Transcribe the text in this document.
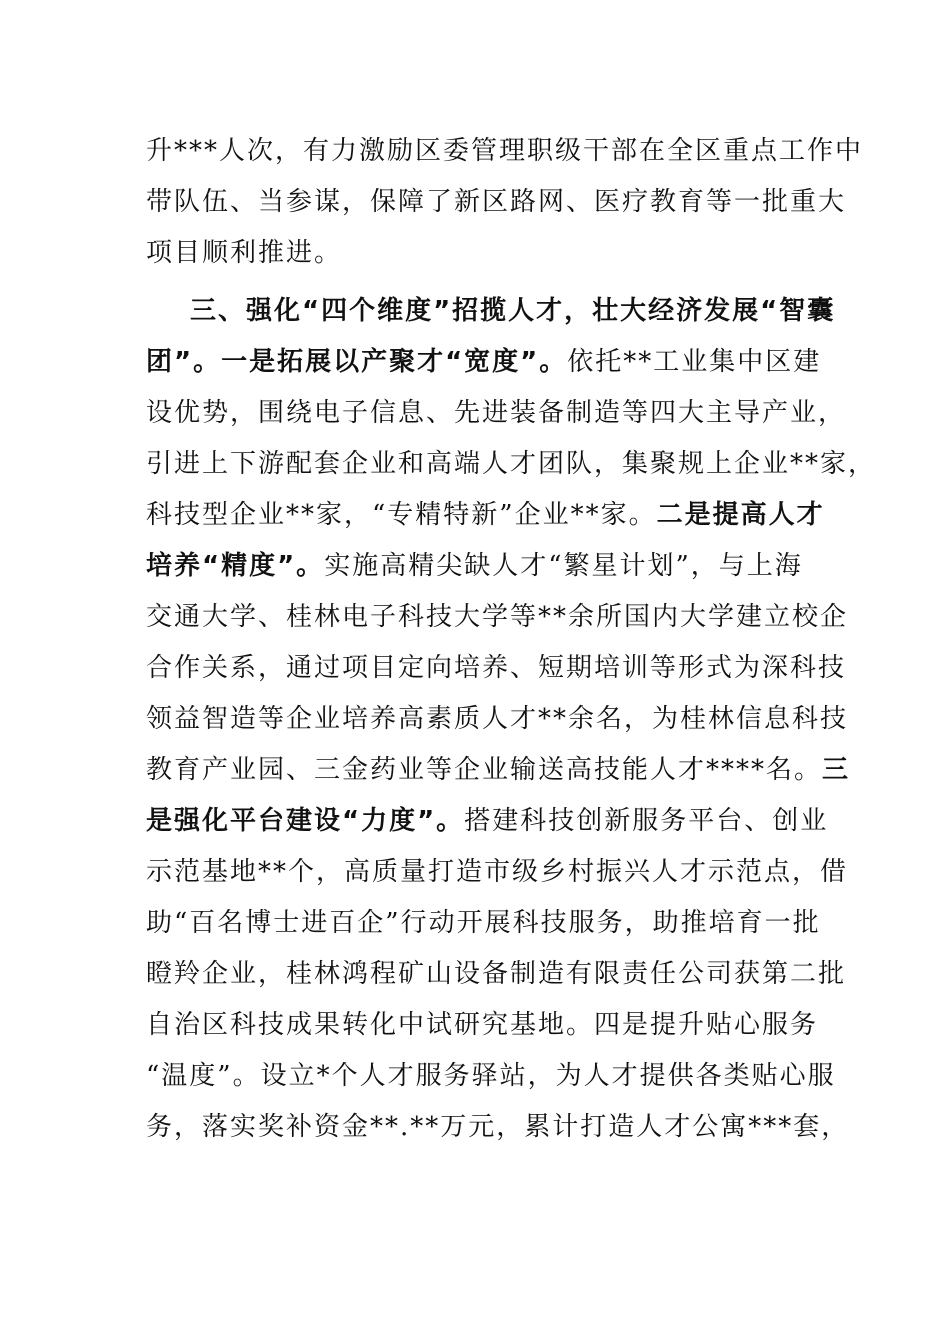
升***人次，有力激励区委管理职级干部在全区重点工作中
带队伍、当参谋，保障了新区路网、医疗教育等一批重大
项目顺利推进。
三、强化“四个维度”招揽人才，壮大经济发展“智囊
团”。一是拓展以产聚才“宽度”。依托**工业集中区建
设优势，围绕电子信息、先进装备制造等四大主导产业，
引进上下游配套企业和高端人才团队，集聚规上企业**家，
科技型企业**家，“专精特新”企业**家。二是提高人才
培养“精度”。实施高精尖缺人才“繁星计划”，与上海
交通大学、桂林电子科技大学等**余所国内大学建立校企
合作关系，通过项目定向培养、短期培训等形式为深科技
领益智造等企业培养高素质人才**余名，为桂林信息科技
教育产业园、三金药业等企业输送高技能人才****名。三
是强化平台建设“力度”。搭建科技创新服务平台、创业
示范基地**个，高质量打造市级乡村振兴人才示范点，借
助“百名博士进百企”行动开展科技服务，助推培育一批
瞪羚企业，桂林鸿程矿山设备制造有限责任公司获第二批
自治区科技成果转化中试研究基地。四是提升贴心服务
“温度”。设立*个人才服务驿站，为人才提供各类贴心服
务，落实奖补资金**.**万元，累计打造人才公寓***套，
